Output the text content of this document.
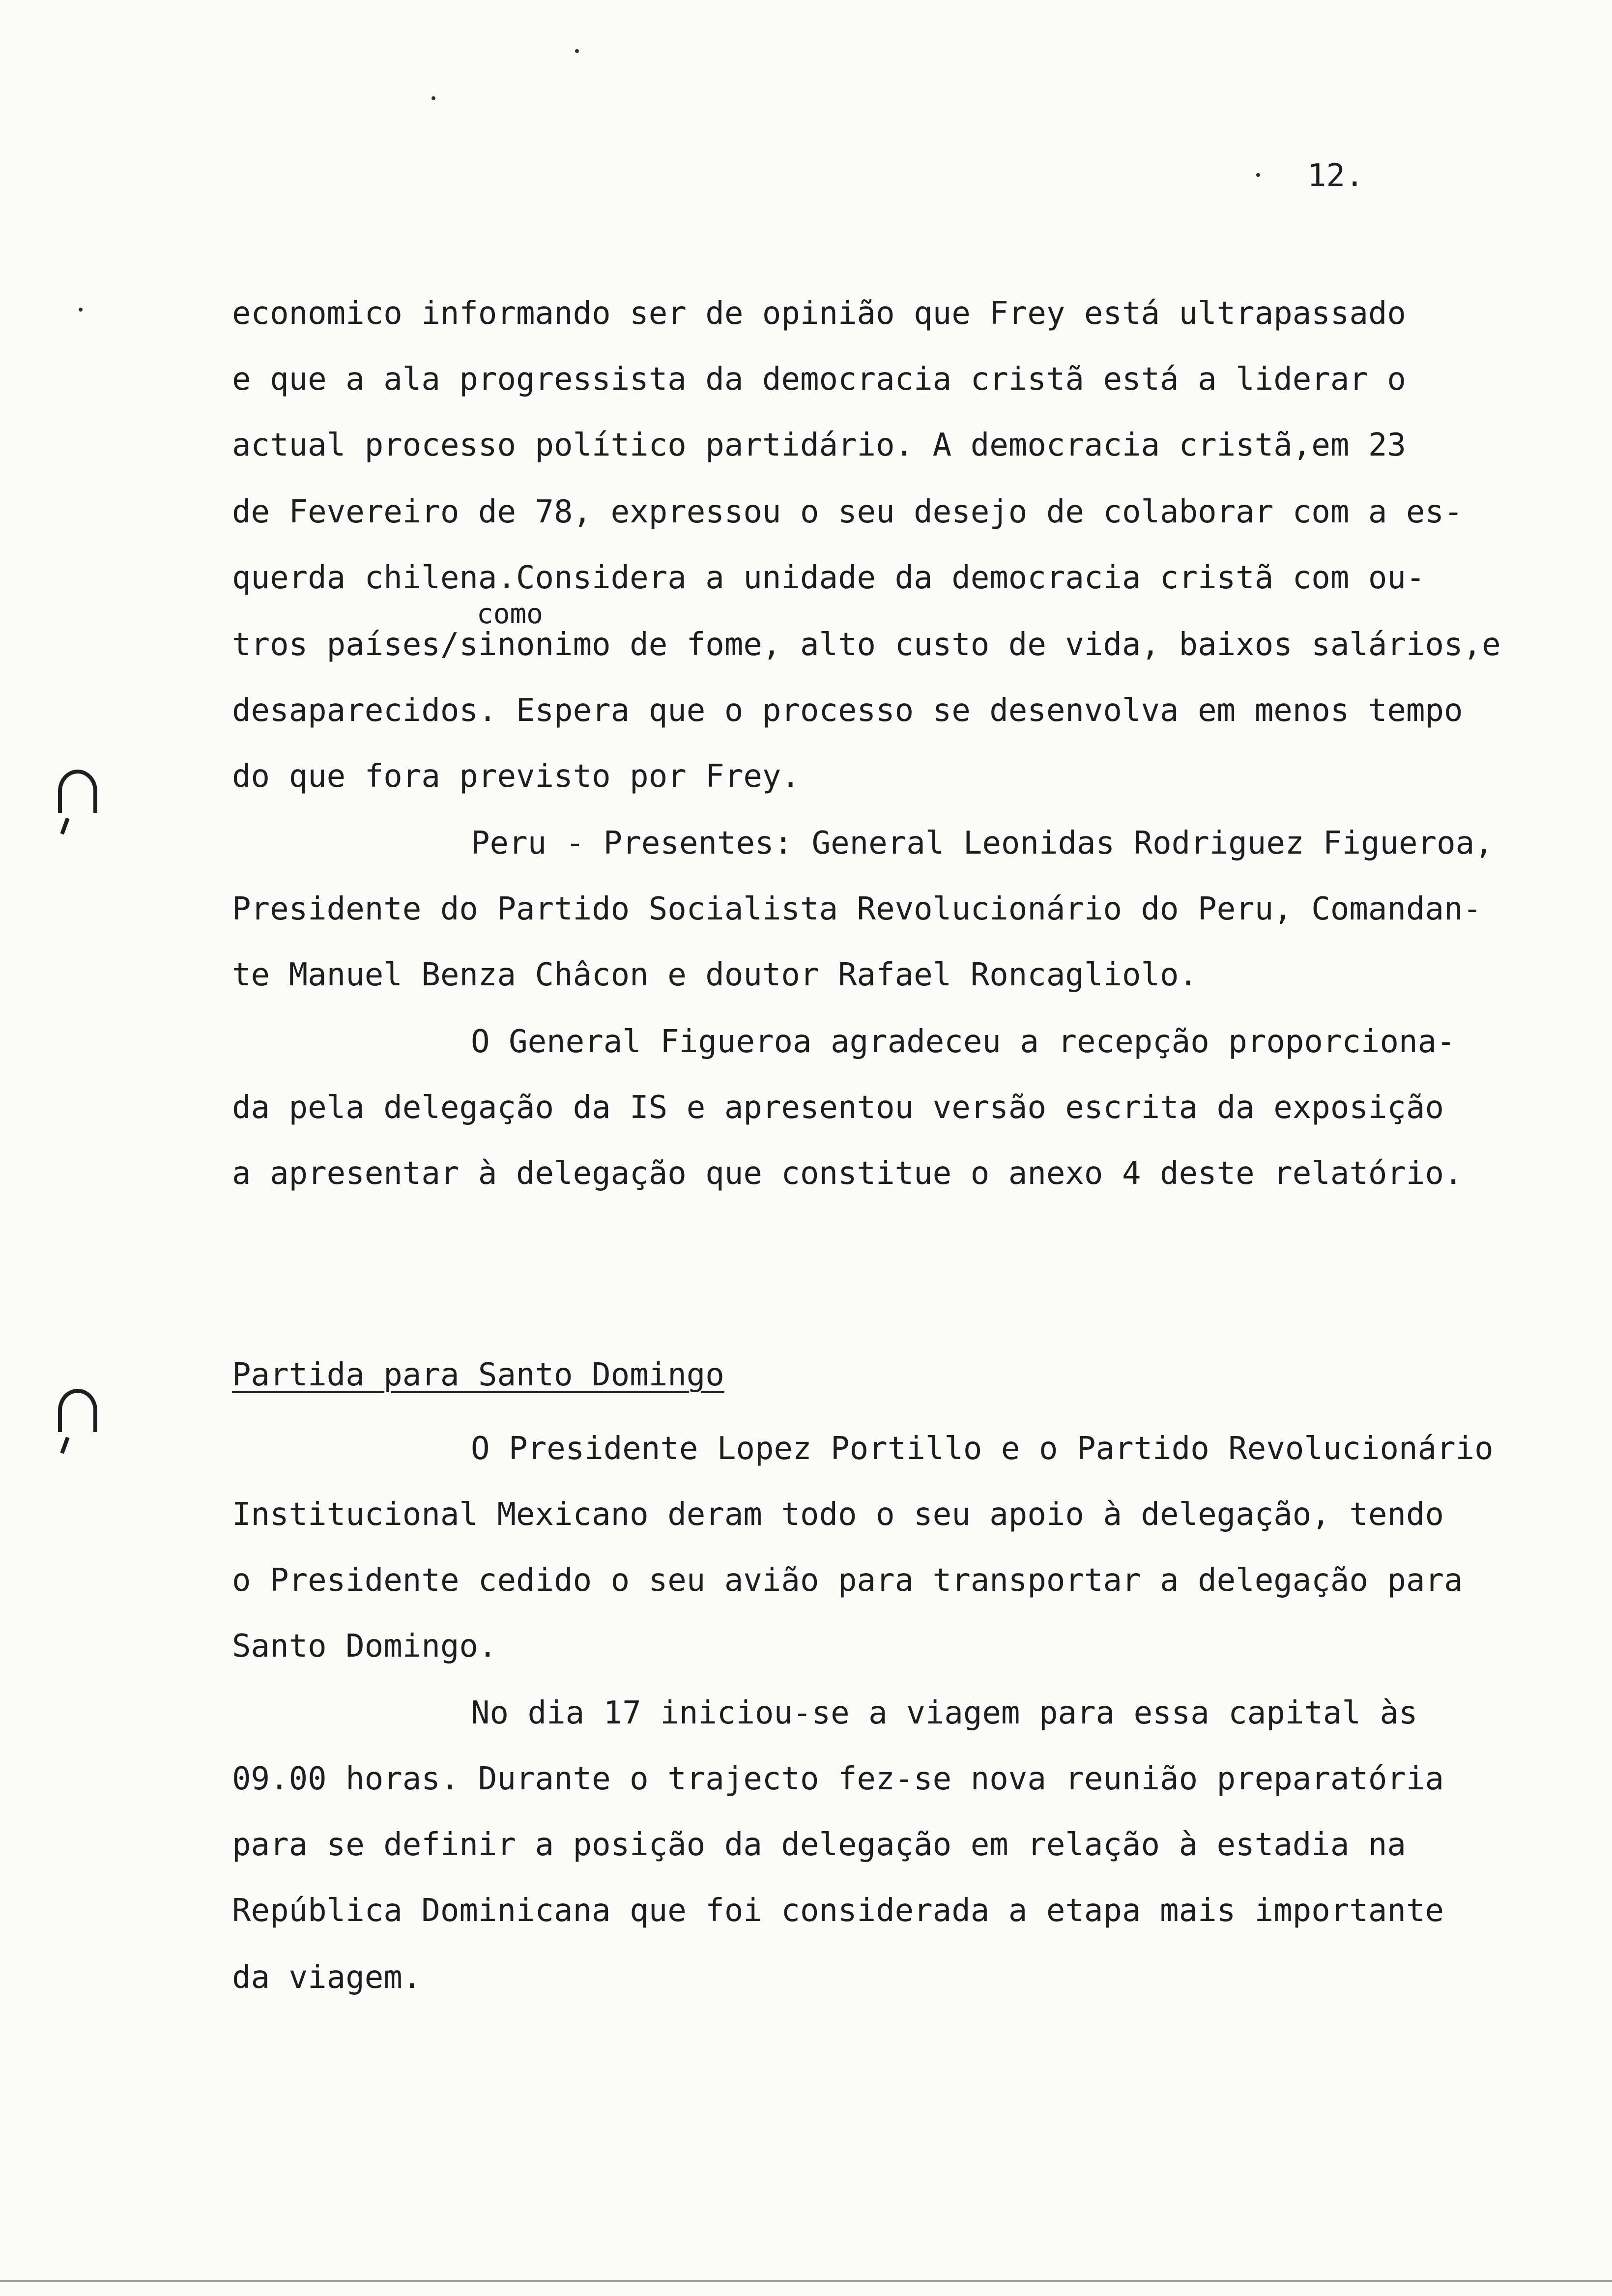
12.
economico informando ser de opinião que Frey está ultrapassado
e que a ala progressista da democracia cristã está a liderar o
actual processo político partidário. A democracia cristã,em 23
de Fevereiro de 78, expressou o seu desejo de colaborar com a es-
querda chilena.Considera a unidade da democracia cristã com ou-
como
tros países/sinonimo de fome, alto custo de vida, baixos salários,e
desaparecidos. Espera que o processo se desenvolva em menos tempo
do que fora previsto por Frey.
Peru - Presentes: General Leonidas Rodriguez Figueroa,
Presidente do Partido Socialista Revolucionário do Peru, Comandan-
te Manuel Benza Châcon e doutor Rafael Roncagliolo.
O General Figueroa agradeceu a recepção proporciona-
da pela delegação da IS e apresentou versão escrita da exposição
a apresentar à delegação que constitue o anexo 4 deste relatório.
Partida para Santo Domingo
O Presidente Lopez Portillo e o Partido Revolucionário
Institucional Mexicano deram todo o seu apoio à delegação, tendo
o Presidente cedido o seu avião para transportar a delegação para
Santo Domingo.
No dia 17 iniciou-se a viagem para essa capital às
09.00 horas. Durante o trajecto fez-se nova reunião preparatória
para se definir a posição da delegação em relação à estadia na
República Dominicana que foi considerada a etapa mais importante
da viagem.
